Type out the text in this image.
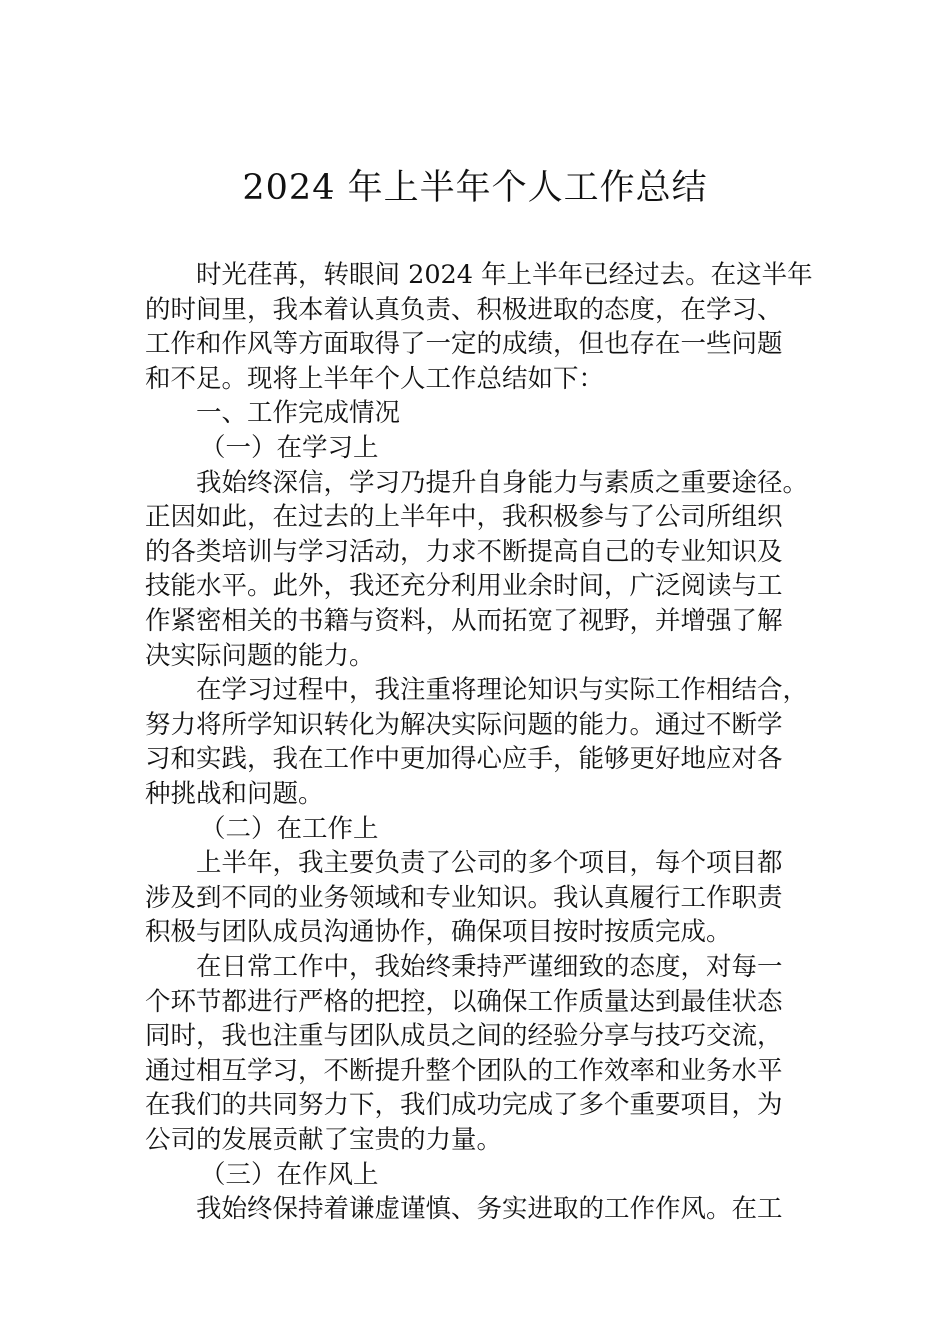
2024 年上半年个人工作总结
时光荏苒，转眼间 2024 年上半年已经过去。在这半年
的时间里，我本着认真负责、积极进取的态度，在学习、
工作和作风等方面取得了一定的成绩，但也存在一些问题
和不足。现将上半年个人工作总结如下：
一、工作完成情况
（一）在学习上
我始终深信，学习乃提升自身能力与素质之重要途径。
正因如此，在过去的上半年中，我积极参与了公司所组织
的各类培训与学习活动，力求不断提高自己的专业知识及
技能水平。此外，我还充分利用业余时间，广泛阅读与工
作紧密相关的书籍与资料，从而拓宽了视野，并增强了解
决实际问题的能力。
在学习过程中，我注重将理论知识与实际工作相结合，
努力将所学知识转化为解决实际问题的能力。通过不断学
习和实践，我在工作中更加得心应手，能够更好地应对各
种挑战和问题。
（二）在工作上
上半年，我主要负责了公司的多个项目，每个项目都
涉及到不同的业务领域和专业知识。我认真履行工作职责
积极与团队成员沟通协作，确保项目按时按质完成。
在日常工作中，我始终秉持严谨细致的态度，对每一
个环节都进行严格的把控，以确保工作质量达到最佳状态
同时，我也注重与团队成员之间的经验分享与技巧交流，
通过相互学习，不断提升整个团队的工作效率和业务水平
在我们的共同努力下，我们成功完成了多个重要项目，为
公司的发展贡献了宝贵的力量。
（三）在作风上
我始终保持着谦虚谨慎、务实进取的工作作风。在工
